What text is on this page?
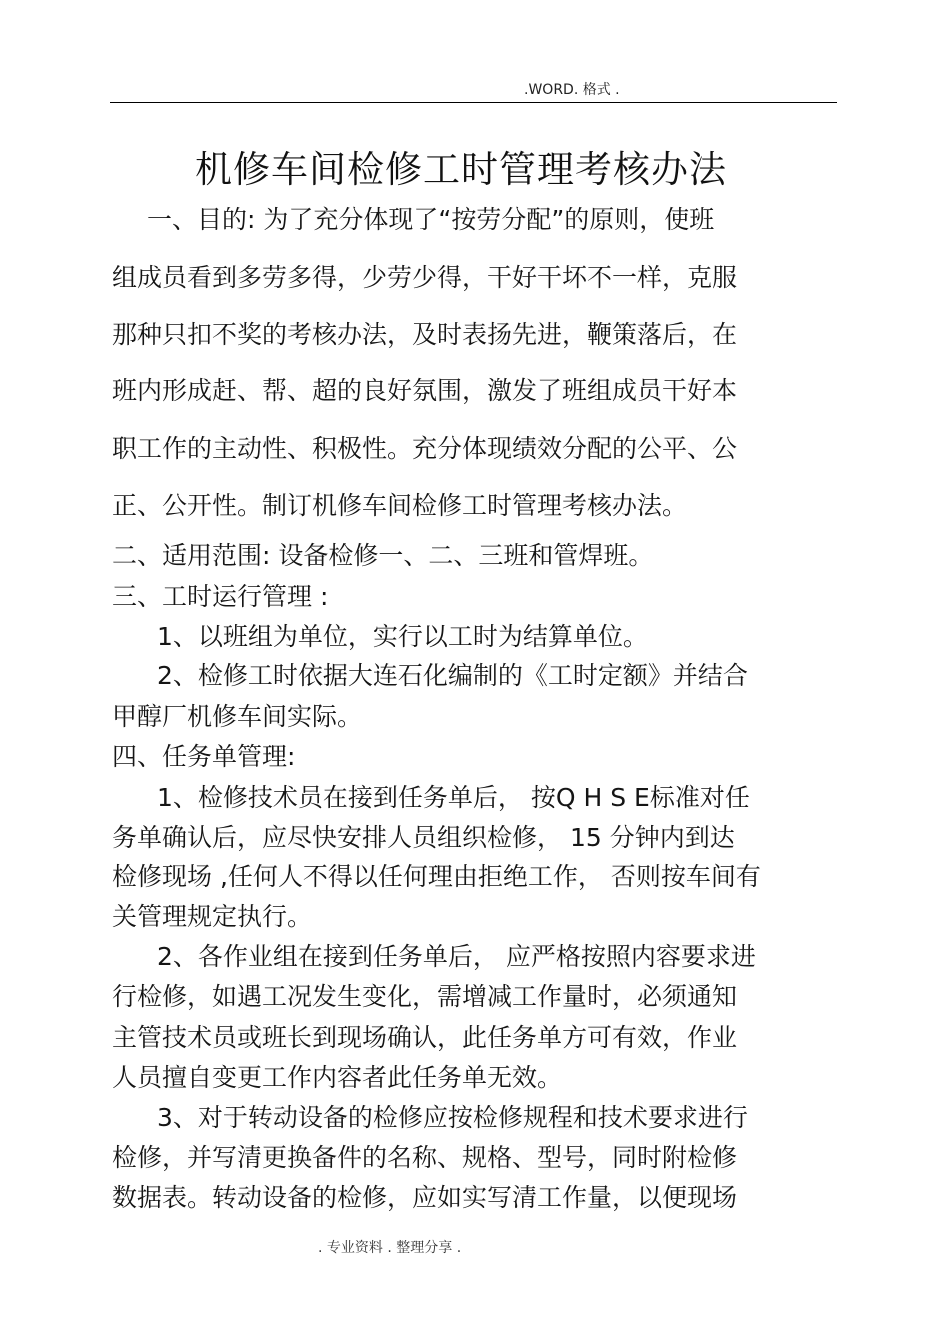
.WORD. 格式 .
机修车间检修工时管理考核办法
一、目的: 为了充分体现了“按劳分配”的原则，使班
组成员看到多劳多得，少劳少得，干好干坏不一样，克服
那种只扣不奖的考核办法，及时表扬先进，鞭策落后，在
班内形成赶、帮、超的良好氛围，激发了班组成员干好本
职工作的主动性、积极性。充分体现绩效分配的公平、公
正、公开性。制订机修车间检修工时管理考核办法。
二、适用范围: 设备检修一、二、三班和管焊班。
三、工时运行管理 :
1、以班组为单位，实行以工时为结算单位。
2、检修工时依据大连石化编制的《工时定额》并结合
甲醇厂机修车间实际。
四、任务单管理:
1、检修技术员在接到任务单后， 按Q H S E标准对任
务单确认后，应尽快安排人员组织检修， 15 分钟内到达
检修现场 ,任何人不得以任何理由拒绝工作， 否则按车间有
关管理规定执行。
2、各作业组在接到任务单后， 应严格按照内容要求进
行检修，如遇工况发生变化，需增减工作量时，必须通知
主管技术员或班长到现场确认，此任务单方可有效，作业
人员擅自变更工作内容者此任务单无效。
3、对于转动设备的检修应按检修规程和技术要求进行
检修，并写清更换备件的名称、规格、型号，同时附检修
数据表。转动设备的检修，应如实写清工作量，以便现场
. 专业资料 . 整理分享 .
